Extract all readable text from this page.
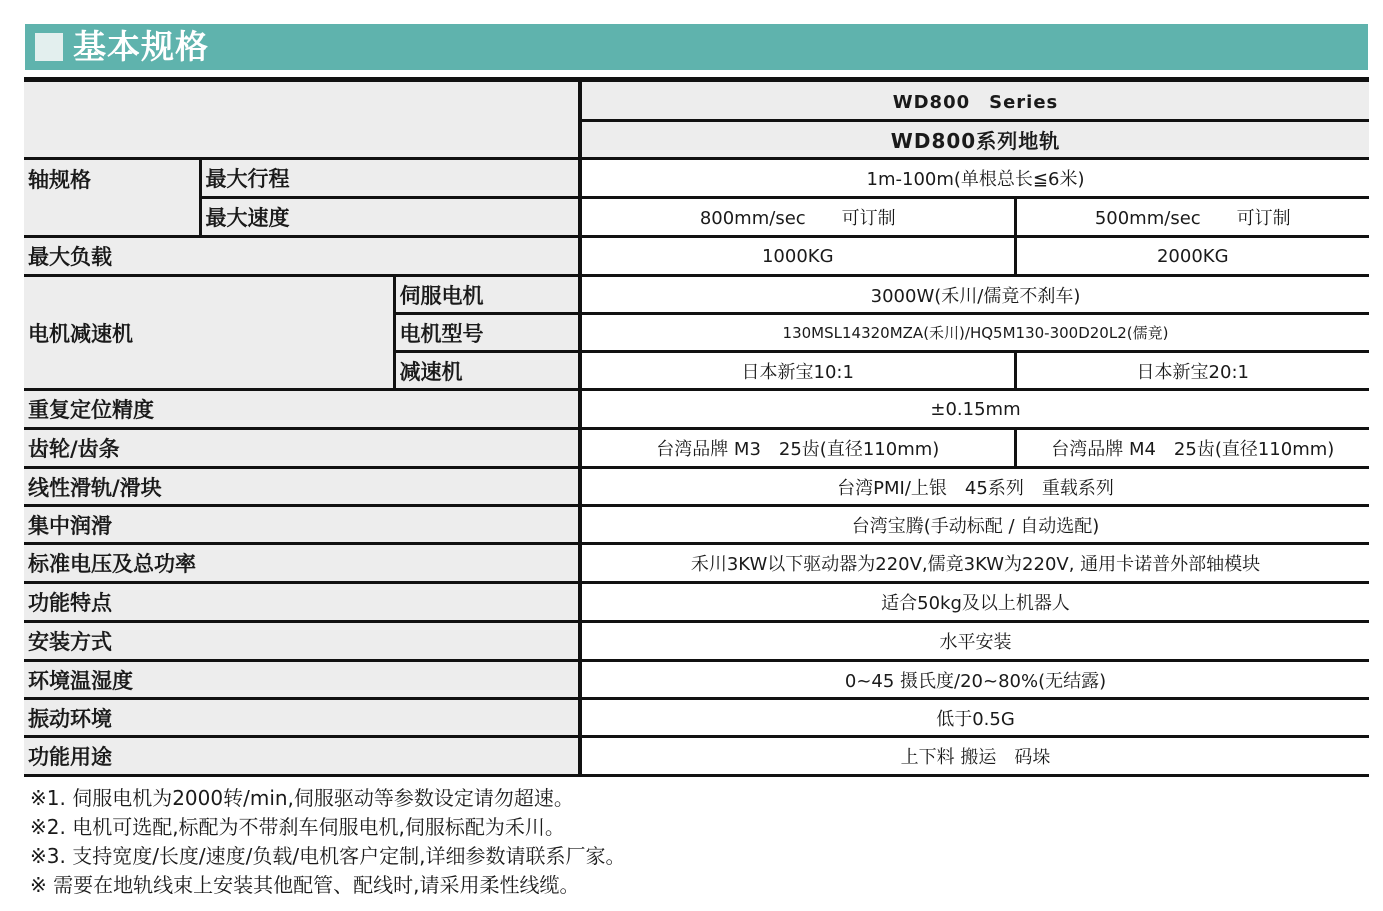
基本规格
			WD800　Series	
			WD800系列地轨	
轴规格	最大行程		1m-100m(单根总长≦6米)	
	最大速度		800mm/sec　　可订制	500mm/sec　　可订制
最大负载			1000KG	2000KG
电机减速机		伺服电机	3000W(禾川/儒竟不刹车)	
		电机型号	130MSL14320MZA(禾川)/HQ5M130-300D20L2(儒竟)	
		减速机	日本新宝10:1	日本新宝20:1
重复定位精度			±0.15mm	
齿轮/齿条			台湾品牌 M3　25齿(直径110mm)	台湾品牌 M4　25齿(直径110mm)
线性滑轨/滑块			台湾PMI/上银　45系列　重载系列	
集中润滑			台湾宝腾(手动标配 / 自动选配)	
标准电压及总功率			禾川3KW以下驱动器为220V,儒竟3KW为220V, 通用卡诺普外部轴模块	
功能特点			适合50kg及以上机器人	
安装方式			水平安装	
环境温湿度			0~45 摄氏度/20~80%(无结露)	
振动环境			低于0.5G	
功能用途			上下料 搬运　码垛	
※1. 伺服电机为2000转/min,伺服驱动等参数设定请勿超速。
※2. 电机可选配,标配为不带刹车伺服电机,伺服标配为禾川。
※3. 支持宽度/长度/速度/负载/电机客户定制,详细参数请联系厂家。
※ 需要在地轨线束上安装其他配管、配线时,请采用柔性线缆。
